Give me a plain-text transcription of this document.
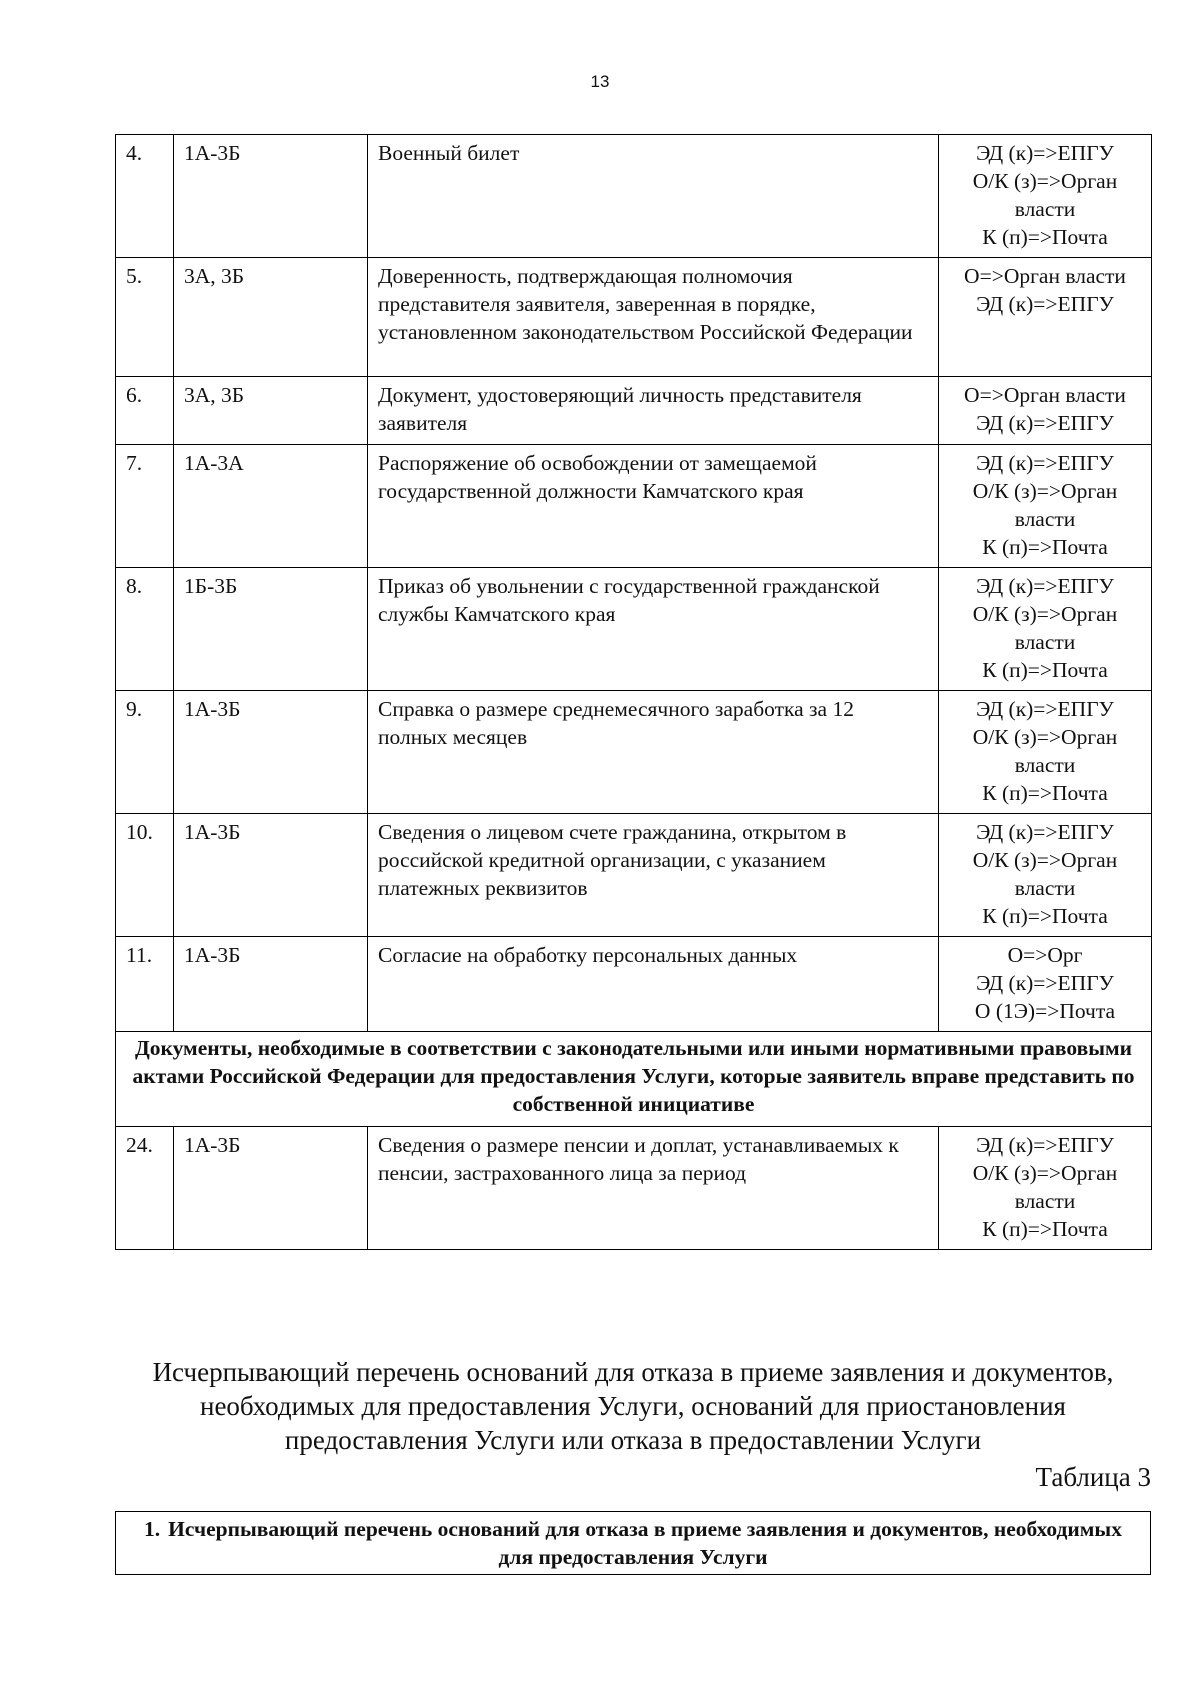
13
4.	1А-3Б	Военный билет	ЭД (к)=>ЕПГУ
О/К (з)=>Орган
власти
К (п)=>Почта

5.	3А, 3Б	Доверенность, подтверждающая полномочия представителя заявителя, заверенная в порядке, установленном законодательством Российской Федерации	О=>Орган власти
ЭД (к)=>ЕПГУ

6.	3А, 3Б	Документ, удостоверяющий личность представителя заявителя	О=>Орган власти
ЭД (к)=>ЕПГУ

7.	1А-3А	Распоряжение об освобождении от замещаемой государственной должности Камчатского края	ЭД (к)=>ЕПГУ
О/К (з)=>Орган
власти
К (п)=>Почта

8.	1Б-3Б	Приказ об увольнении с государственной гражданской службы Камчатского края	ЭД (к)=>ЕПГУ
О/К (з)=>Орган
власти
К (п)=>Почта

9.	1А-3Б	Справка о размере среднемесячного заработка за 12 полных месяцев	ЭД (к)=>ЕПГУ
О/К (з)=>Орган
власти
К (п)=>Почта

10.	1А-3Б	Сведения о лицевом счете гражданина, открытом в российской кредитной организации, с указанием платежных реквизитов	ЭД (к)=>ЕПГУ
О/К (з)=>Орган
власти
К (п)=>Почта

11.	1А-3Б	Согласие на обработку персональных данных	О=>Орг
ЭД (к)=>ЕПГУ
О (1Э)=>Почта

Документы, необходимые в соответствии с законодательными или иными нормативными правовыми актами Российской Федерации для предоставления Услуги, которые заявитель вправе представить по собственной инициативе			
24.	1А-3Б	Сведения о размере пенсии и доплат, устанавливаемых к пенсии, застрахованного лица за период	ЭД (к)=>ЕПГУ
О/К (з)=>Орган
власти
К (п)=>Почта
Исчерпывающий перечень оснований для отказа в приеме заявления и документов, необходимых для предоставления Услуги, оснований для приостановления предоставления Услуги или отказа в предоставлении Услуги
Таблица 3
1. Исчерпывающий перечень оснований для отказа в приеме заявления и документов, необходимых для предоставления Услуги
